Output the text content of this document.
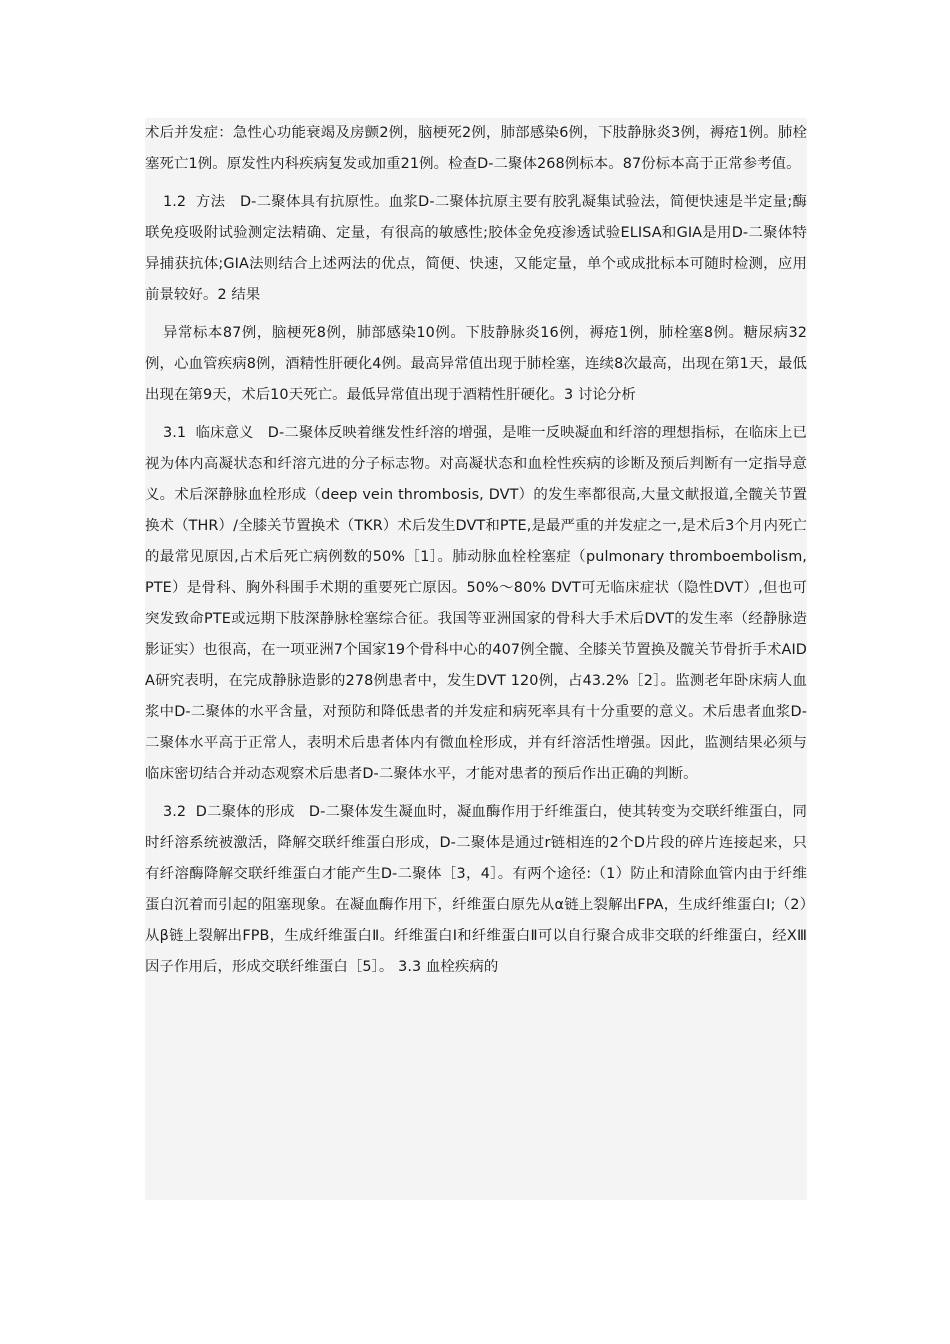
术后并发症：急性心功能衰竭及房颤2例，脑梗死2例，肺部感染6例，下肢静脉炎3例，褥疮1例。肺栓塞死亡1例。原发性内科疾病复发或加重21例。检查D-二聚体268例标本。87份标本高于正常参考值。

1.2  方法   D-二聚体具有抗原性。血浆D-二聚体抗原主要有胶乳凝集试验法，简便快速是半定量;酶联免疫吸附试验测定法精确、定量，有很高的敏感性;胶体金免疫渗透试验ELISA和GIA是用D-二聚体特异捕获抗体;GIA法则结合上述两法的优点，简便、快速，又能定量，单个或成批标本可随时检测，应用前景较好。2 结果

异常标本87例，脑梗死8例，肺部感染10例。下肢静脉炎16例，褥疮1例，肺栓塞8例。糖尿病32例，心血管疾病8例，酒精性肝硬化4例。最高异常值出现于肺栓塞，连续8次最高，出现在第1天，最低出现在第9天，术后10天死亡。最低异常值出现于酒精性肝硬化。3 讨论分析

3.1  临床意义   D-二聚体反映着继发性纤溶的增强，是唯一反映凝血和纤溶的理想指标，在临床上已视为体内高凝状态和纤溶亢进的分子标志物。对高凝状态和血栓性疾病的诊断及预后判断有一定指导意义。术后深静脉血栓形成（deep vein thrombosis, DVT）的发生率都很高,大量文献报道,全髋关节置换术（THR）/全膝关节置换术（TKR）术后发生DVT和PTE,是最严重的并发症之一,是术后3个月内死亡的最常见原因,占术后死亡病例数的50%［1］。肺动脉血栓栓塞症（pulmonary thromboembolism, PTE）是骨科、胸外科围手术期的重要死亡原因。50%～80% DVT可无临床症状（隐性DVT）,但也可突发致命PTE或远期下肢深静脉栓塞综合征。我国等亚洲国家的骨科大手术后DVT的发生率（经静脉造影证实）也很高，在一项亚洲7个国家19个骨科中心的407例全髋、全膝关节置换及髋关节骨折手术AIDA研究表明，在完成静脉造影的278例患者中，发生DVT 120例，占43.2%［2］。监测老年卧床病人血浆中D-二聚体的水平含量，对预防和降低患者的并发症和病死率具有十分重要的意义。术后患者血浆D-二聚体水平高于正常人，表明术后患者体内有微血栓形成，并有纤溶活性增强。因此，监测结果必须与临床密切结合并动态观察术后患者D-二聚体水平，才能对患者的预后作出正确的判断。

3.2  D二聚体的形成   D-二聚体发生凝血时，凝血酶作用于纤维蛋白，使其转变为交联纤维蛋白，同时纤溶系统被激活，降解交联纤维蛋白形成，D-二聚体是通过r链相连的2个D片段的碎片连接起来，只有纤溶酶降解交联纤维蛋白才能产生D-二聚体［3，4］。有两个途径:（1）防止和清除血管内由于纤维蛋白沉着而引起的阻塞现象。在凝血酶作用下，纤维蛋白原先从α链上裂解出FPA，生成纤维蛋白Ⅰ;（2）从β链上裂解出FPB，生成纤维蛋白Ⅱ。纤维蛋白Ⅰ和纤维蛋白Ⅱ可以自行聚合成非交联的纤维蛋白，经XⅢ因子作用后，形成交联纤维蛋白［5］。 3.3 血栓疾病的
